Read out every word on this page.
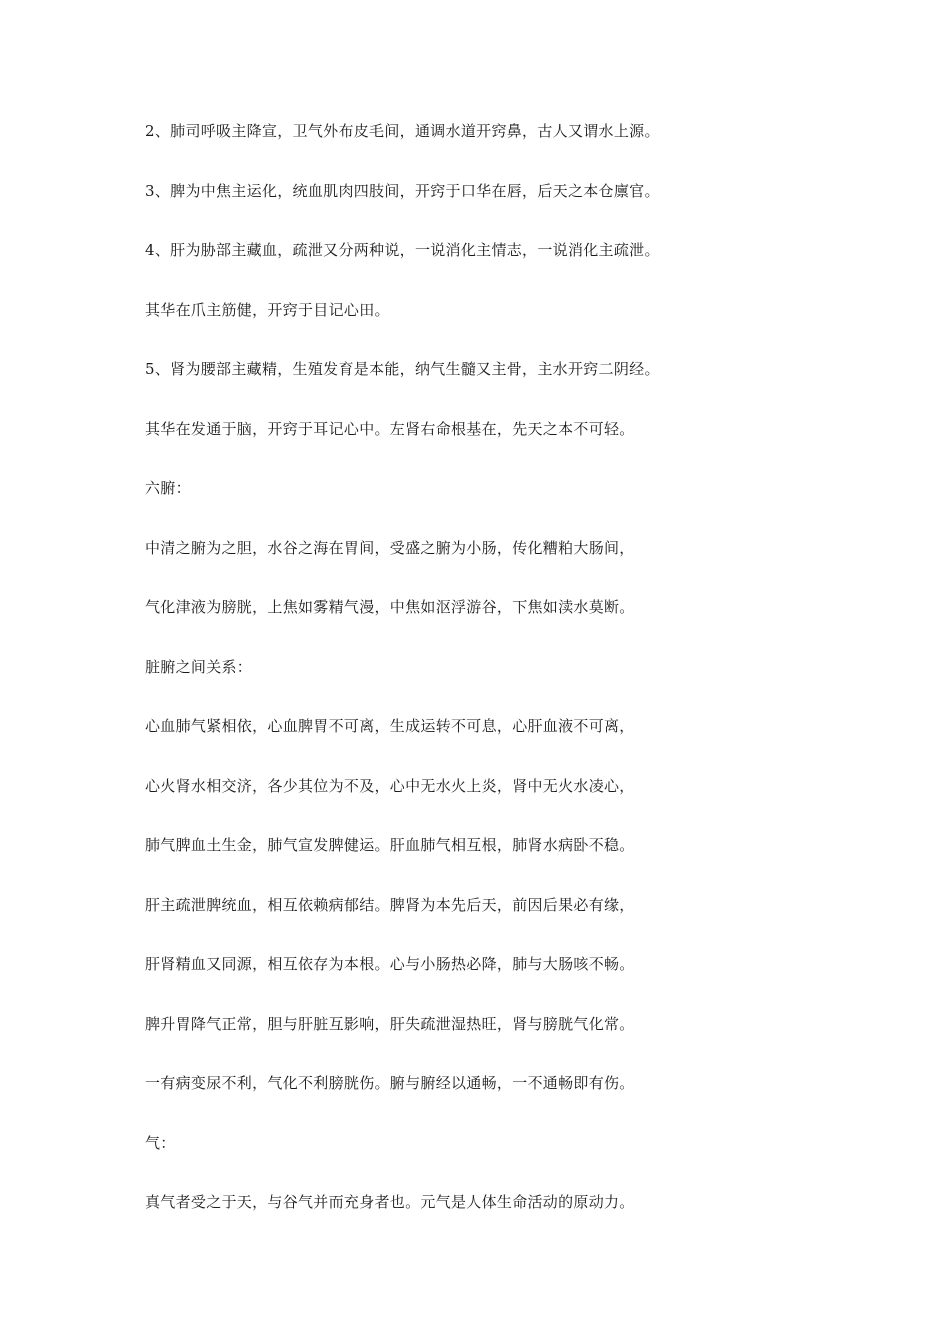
2、肺司呼吸主降宣，卫气外布皮毛间，通调水道开窍鼻，古人又谓水上源。

3、脾为中焦主运化，统血肌肉四肢间，开窍于口华在唇，后天之本仓廪官。

4、肝为胁部主藏血，疏泄又分两种说，一说消化主情志，一说消化主疏泄。

其华在爪主筋健，开窍于目记心田。

5、肾为腰部主藏精，生殖发育是本能，纳气生髓又主骨，主水开窍二阴经。

其华在发通于脑，开窍于耳记心中。左肾右命根基在，先天之本不可轻。

六腑：

中清之腑为之胆，水谷之海在胃间，受盛之腑为小肠，传化糟粕大肠间，

气化津液为膀胱，上焦如雾精气漫，中焦如沤浮游谷，下焦如渎水莫断。

脏腑之间关系：

心血肺气紧相依，心血脾胃不可离，生成运转不可息，心肝血液不可离，

心火肾水相交济，各少其位为不及，心中无水火上炎，肾中无火水凌心，

肺气脾血土生金，肺气宣发脾健运。肝血肺气相互根，肺肾水病卧不稳。

肝主疏泄脾统血，相互依赖病郁结。脾肾为本先后天，前因后果必有缘，

肝肾精血又同源，相互依存为本根。心与小肠热必降，肺与大肠咳不畅。

脾升胃降气正常，胆与肝脏互影响，肝失疏泄湿热旺，肾与膀胱气化常。

一有病变尿不利，气化不利膀胱伤。腑与腑经以通畅，一不通畅即有伤。

气：

真气者受之于天，与谷气并而充身者也。元气是人体生命活动的原动力。
